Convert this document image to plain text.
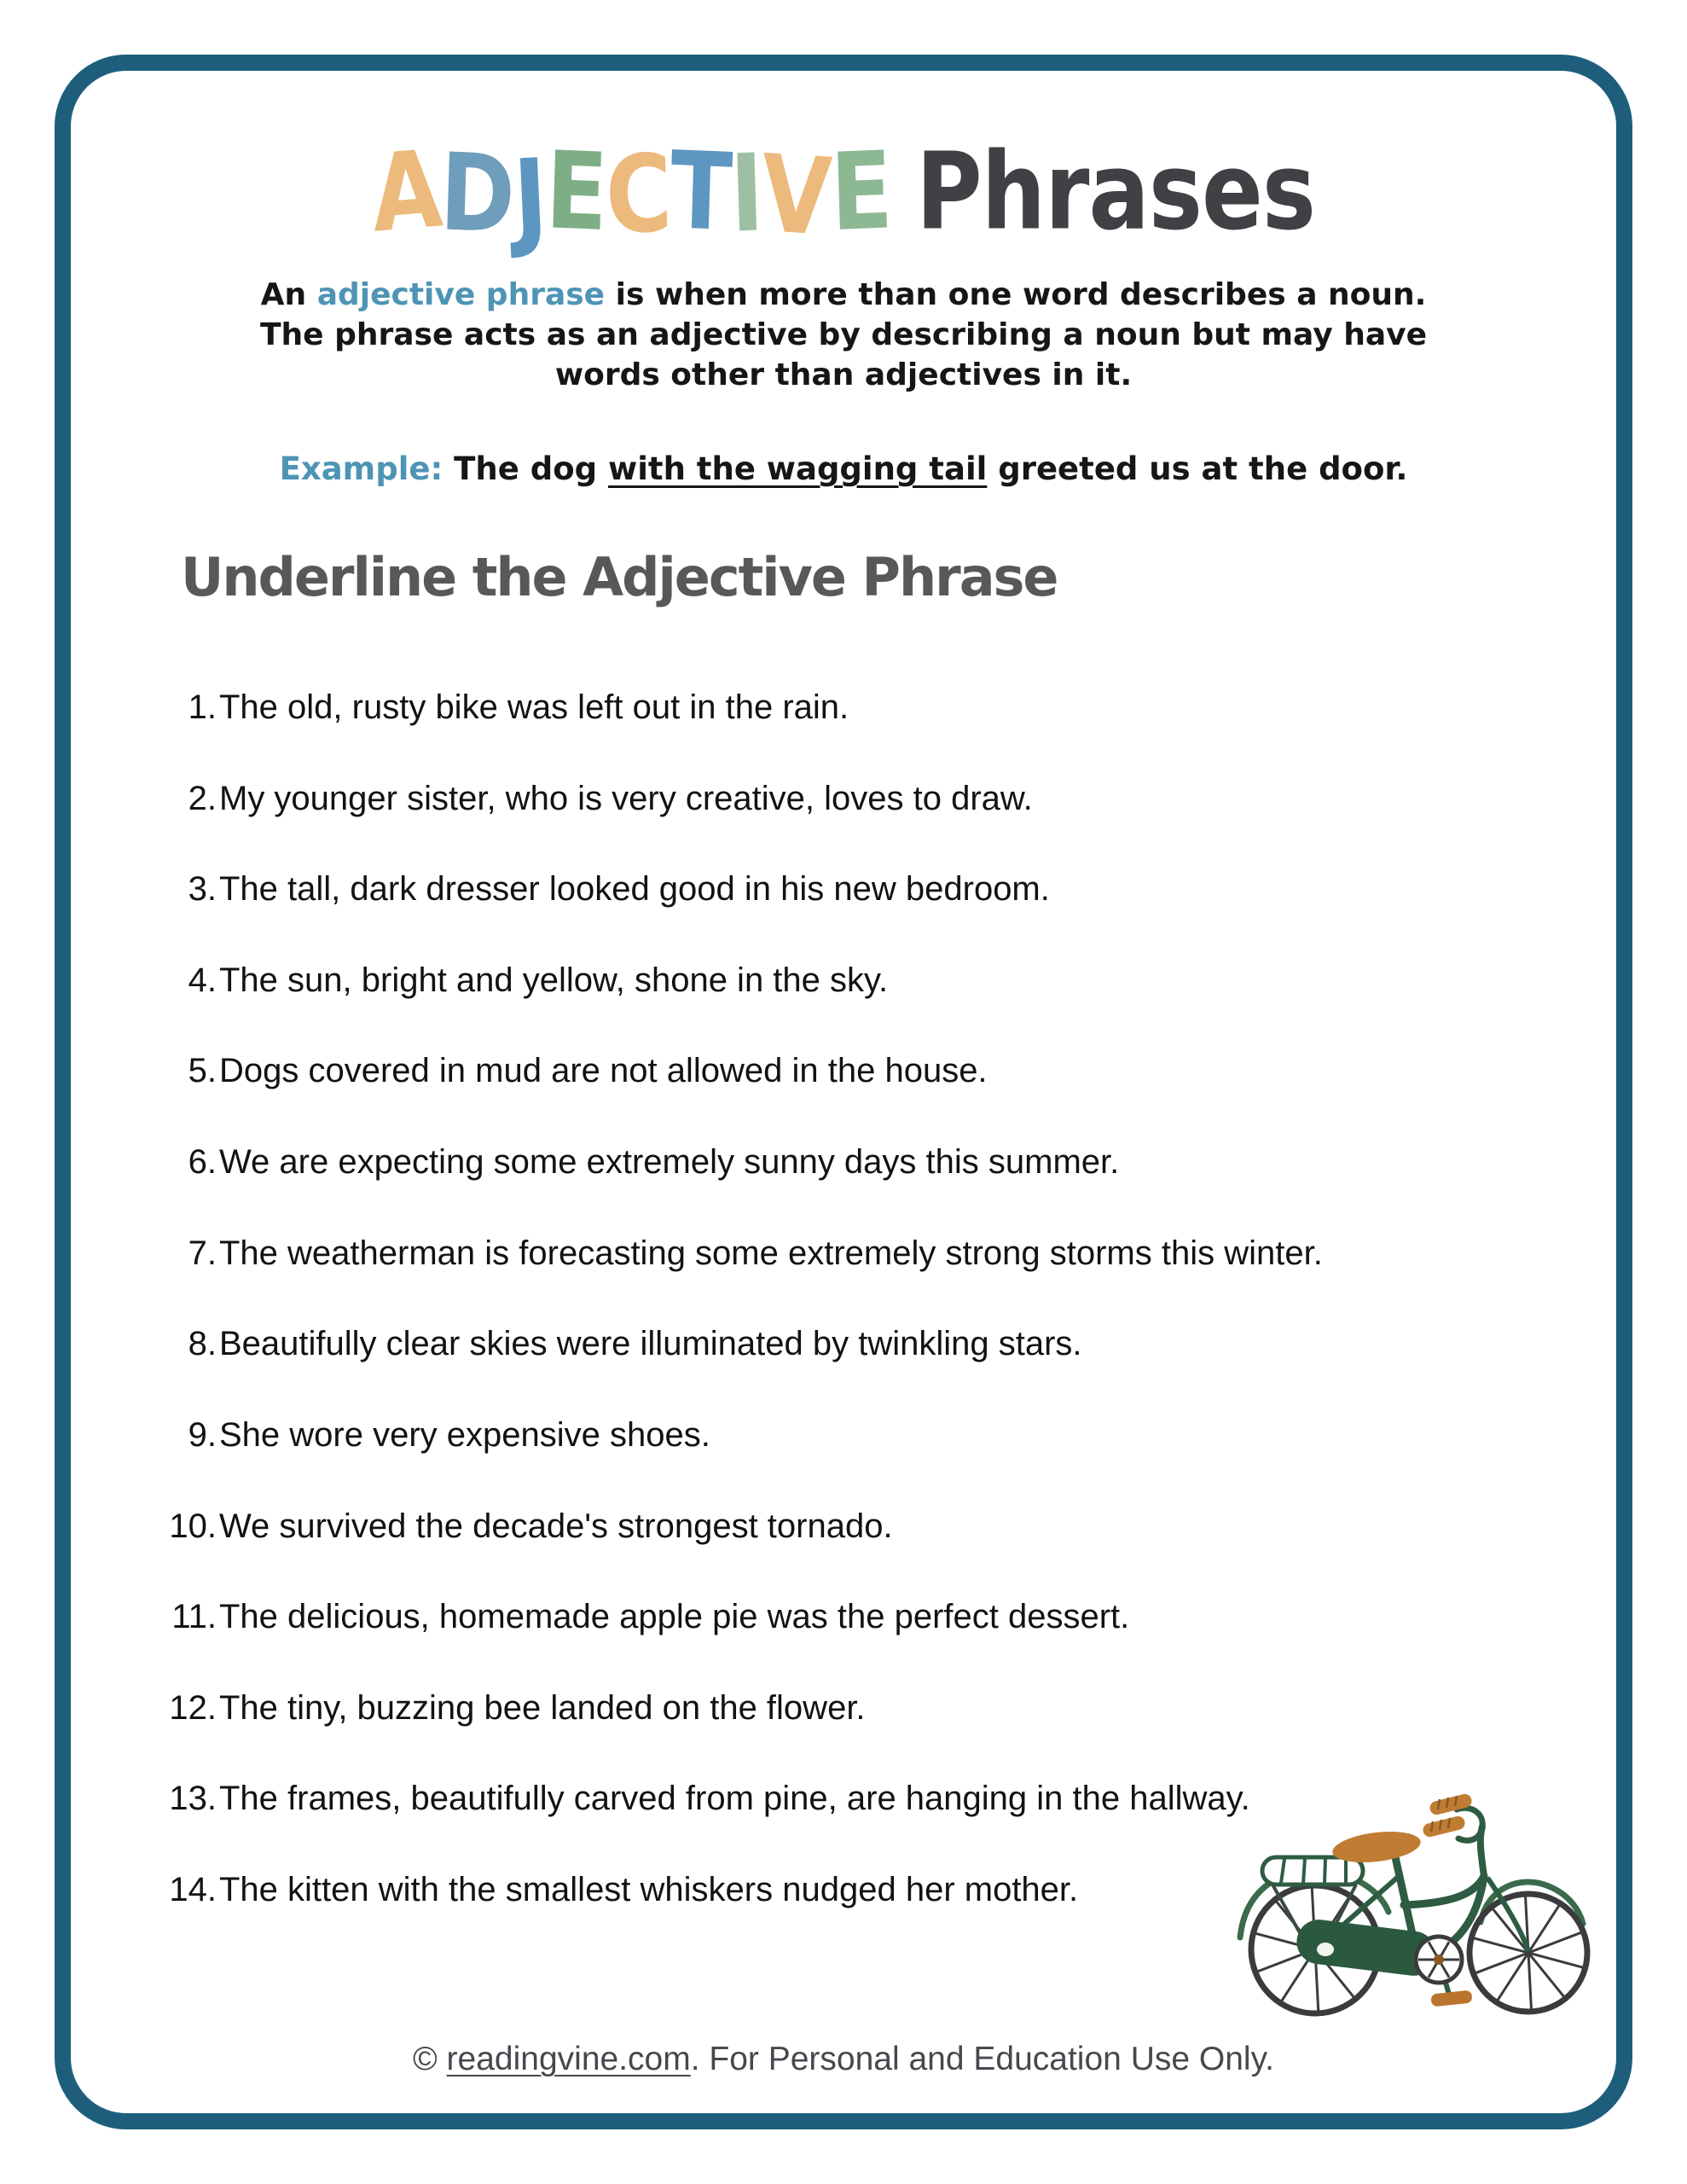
A
D
J
E
C
T
I
V
E Phrases
An adjective phrase is when more than one word describes a noun.
The phrase acts as an adjective by describing a noun but may have
words other than adjectives in it.
Example: The dog with the wagging tail greeted us at the door.
Underline the Adjective Phrase
1.The old, rusty bike was left out in the rain.
2.My younger sister, who is very creative, loves to draw.
3.The tall, dark dresser looked good in his new bedroom.
4.The sun, bright and yellow, shone in the sky.
5.Dogs covered in mud are not allowed in the house.
6.We are expecting some extremely sunny days this summer.
7.The weatherman is forecasting some extremely strong storms this winter.
8.Beautifully clear skies were illuminated by twinkling stars.
9.She wore very expensive shoes.
10.We survived the decade's strongest tornado.
11.The delicious, homemade apple pie was the perfect dessert.
12.The tiny, buzzing bee landed on the flower.
13.The frames, beautifully carved from pine, are hanging in the hallway.
14.The kitten with the smallest whiskers nudged her mother.
© readingvine.com. For Personal and Education Use Only.
